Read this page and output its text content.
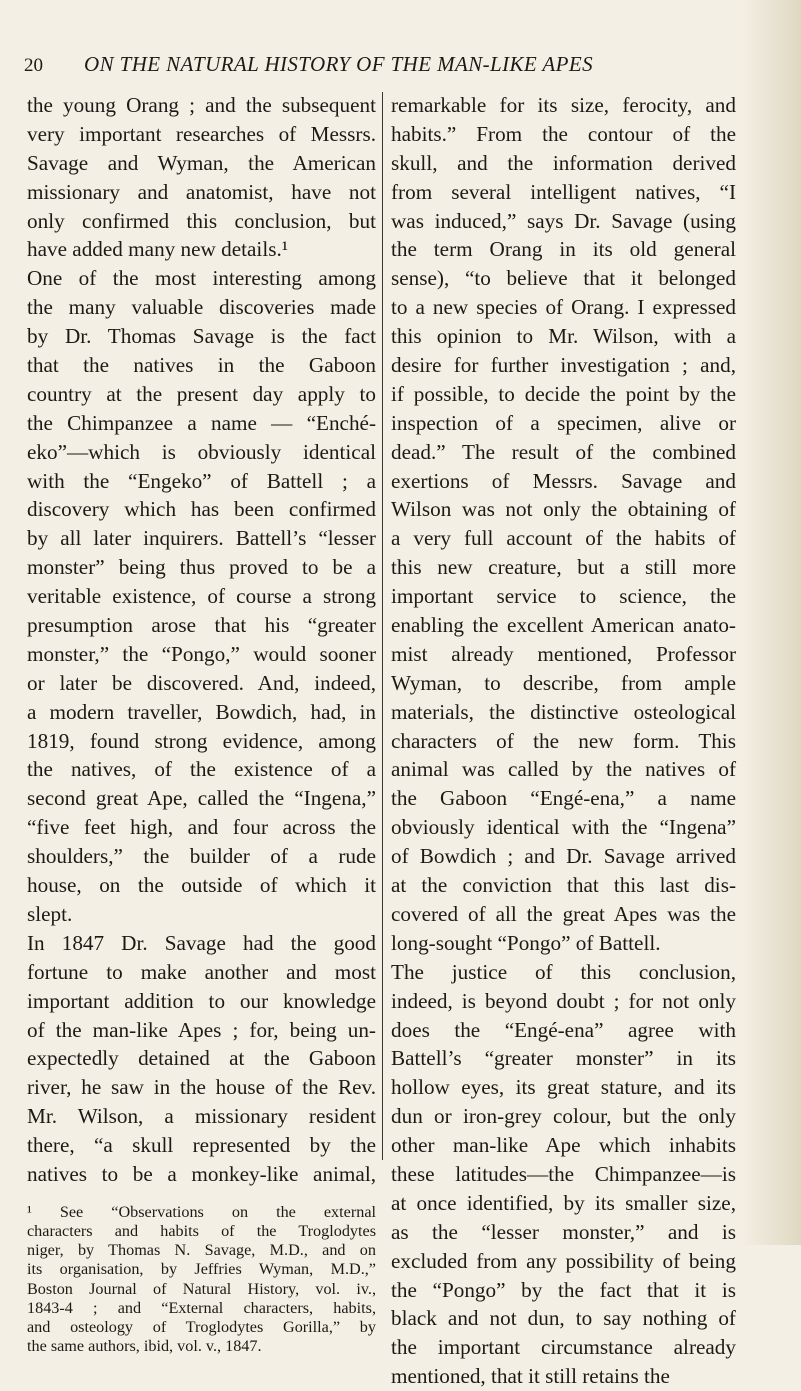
20	ON THE NATURAL HISTORY OF THE MAN-LIKE APES
the young Orang ; and the subsequent
very important researches of Messrs.
Savage and Wyman, the American
missionary and anatomist, have not
only confirmed this conclusion, but
have added many new details.¹
One of the most interesting among
the many valuable discoveries made
by Dr. Thomas Savage is the fact
that the natives in the Gaboon
country at the present day apply to
the Chimpanzee a name — “Enché-
eko”—which is obviously identical
with the “Engeko” of Battell ; a
discovery which has been confirmed
by all later inquirers. Battell’s “lesser
monster” being thus proved to be a
veritable existence, of course a strong
presumption arose that his “greater
monster,” the “Pongo,” would sooner
or later be discovered. And, indeed,
a modern traveller, Bowdich, had, in
1819, found strong evidence, among
the natives, of the existence of a
second great Ape, called the “Ingena,”
“five feet high, and four across the
shoulders,” the builder of a rude
house, on the outside of which it
slept.
In 1847 Dr. Savage had the good
fortune to make another and most
important addition to our knowledge
of the man-like Apes ; for, being un-
expectedly detained at the Gaboon
river, he saw in the house of the Rev.
Mr. Wilson, a missionary resident
there, “a skull represented by the
natives to be a monkey-like animal,
¹ See “Observations on the external
characters and habits of the Troglodytes
niger, by Thomas N. Savage, M.D., and on
its organisation, by Jeffries Wyman, M.D.,”
Boston Journal of Natural History, vol. iv.,
1843-4 ; and “External characters, habits,
and osteology of Troglodytes Gorilla,” by
the same authors, ibid, vol. v., 1847.
remarkable for its size, ferocity, and
habits.” From the contour of the
skull, and the information derived
from several intelligent natives, “I
was induced,” says Dr. Savage (using
the term Orang in its old general
sense), “to believe that it belonged
to a new species of Orang. I expressed
this opinion to Mr. Wilson, with a
desire for further investigation ; and,
if possible, to decide the point by the
inspection of a specimen, alive or
dead.” The result of the combined
exertions of Messrs. Savage and
Wilson was not only the obtaining of
a very full account of the habits of
this new creature, but a still more
important service to science, the
enabling the excellent American anato-
mist already mentioned, Professor
Wyman, to describe, from ample
materials, the distinctive osteological
characters of the new form. This
animal was called by the natives of
the Gaboon “Engé-ena,” a name
obviously identical with the “Ingena”
of Bowdich ; and Dr. Savage arrived
at the conviction that this last dis-
covered of all the great Apes was the
long-sought “Pongo” of Battell.
The justice of this conclusion,
indeed, is beyond doubt ; for not only
does the “Engé-ena” agree with
Battell’s “greater monster” in its
hollow eyes, its great stature, and its
dun or iron-grey colour, but the only
other man-like Ape which inhabits
these latitudes—the Chimpanzee—is
at once identified, by its smaller size,
as the “lesser monster,” and is
excluded from any possibility of being
the “Pongo” by the fact that it is
black and not dun, to say nothing of
the important circumstance already
mentioned, that it still retains the
